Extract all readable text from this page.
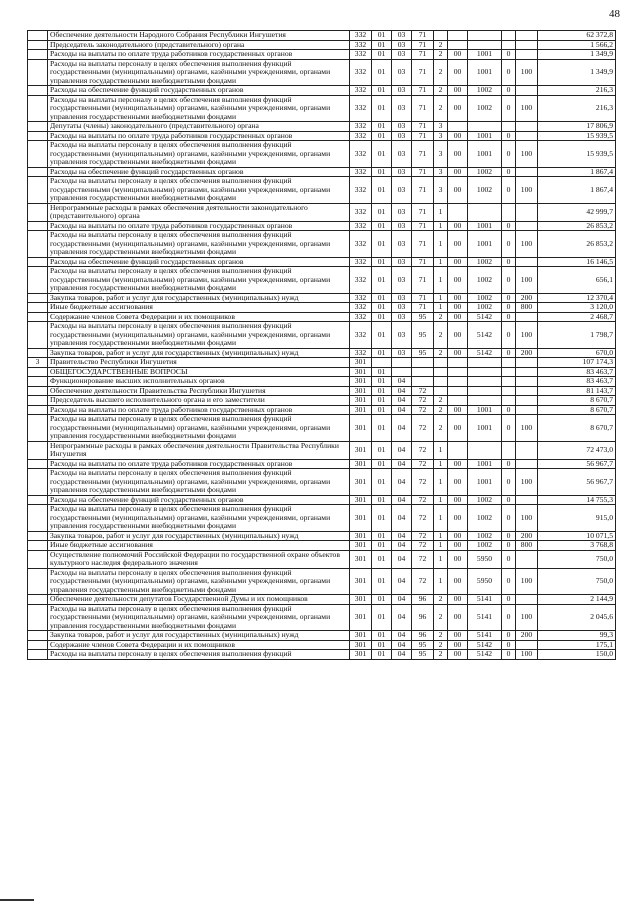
48
	Обеспечение деятельности Народного Собрания Республики Ингушетия	332	01	03	71						62 372,8
	Председатель законодательного (представительного) органа	332	01	03	71	2					1 566,2
	Расходы на выплаты по оплате труда работников государственных органов	332	01	03	71	2	00	1001	0		1 349,9
	Расходы на выплаты персоналу в целях обеспечения выполнения функций государственными (муниципальными) органами, казёнными учреждениями, органами управления государственными внебюджетными фондами	332	01	03	71	2	00	1001	0	100	1 349,9
	Расходы на обеспечение функций государственных органов	332	01	03	71	2	00	1002	0		216,3
	Расходы на выплаты персоналу в целях обеспечения выполнения функций государственными (муниципальными) органами, казёнными учреждениями, органами управления государственными внебюджетными фондами	332	01	03	71	2	00	1002	0	100	216,3
	Депутаты (члены) законодательного (представительного) органа	332	01	03	71	3					17 806,9
	Расходы на выплаты по оплате труда работников государственных органов	332	01	03	71	3	00	1001	0		15 939,5
	Расходы на выплаты персоналу в целях обеспечения выполнения функций государственными (муниципальными) органами, казёнными учреждениями, органами управления государственными внебюджетными фондами	332	01	03	71	3	00	1001	0	100	15 939,5
	Расходы на обеспечение функций государственных органов	332	01	03	71	3	00	1002	0		1 867,4
	Расходы на выплаты персоналу в целях обеспечения выполнения функций государственными (муниципальными) органами, казёнными учреждениями, органами управления государственными внебюджетными фондами	332	01	03	71	3	00	1002	0	100	1 867,4
	Непрограммные расходы в рамках обеспечения деятельности законодательного (представительного) органа	332	01	03	71	1					42 999,7
	Расходы на выплаты по оплате труда работников государственных органов	332	01	03	71	1	00	1001	0		26 853,2
	Расходы на выплаты персоналу в целях обеспечения выполнения функций государственными (муниципальными) органами, казёнными учреждениями, органами управления государственными внебюджетными фондами	332	01	03	71	1	00	1001	0	100	26 853,2
	Расходы на обеспечение функций государственных органов	332	01	03	71	1	00	1002	0		16 146,5
	Расходы на выплаты персоналу в целях обеспечения выполнения функций государственными (муниципальными) органами, казёнными учреждениями, органами управления государственными внебюджетными фондами	332	01	03	71	1	00	1002	0	100	656,1
	Закупка товаров, работ и услуг для государственных (муниципальных) нужд	332	01	03	71	1	00	1002	0	200	12 370,4
	Иные бюджетные ассигнования	332	01	03	71	1	00	1002	0	800	3 120,0
	Содержание членов Совета Федерации и их помощников	332	01	03	95	2	00	5142	0		2 468,7
	Расходы на выплаты персоналу в целях обеспечения выполнения функций государственными (муниципальными) органами, казёнными учреждениями, органами управления государственными внебюджетными фондами	332	01	03	95	2	00	5142	0	100	1 798,7
	Закупка товаров, работ и услуг для государственных (муниципальных) нужд	332	01	03	95	2	00	5142	0	200	670,0
3	Правительство Республики Ингушетия	301									107 174,3
	ОБЩЕГОСУДАРСТВЕННЫЕ ВОПРОСЫ	301	01								83 463,7
	Функционирование высших исполнительных органов	301	01	04							83 463,7
	Обеспечение деятельности Правительства Республики Ингушетия	301	01	04	72						81 143,7
	Председатель высшего исполнительного органа и его заместители	301	01	04	72	2					8 670,7
	Расходы на выплаты по оплате труда работников государственных органов	301	01	04	72	2	00	1001	0		8 670,7
	Расходы на выплаты персоналу в целях обеспечения выполнения функций государственными (муниципальными) органами, казёнными учреждениями, органами управления государственными внебюджетными фондами	301	01	04	72	2	00	1001	0	100	8 670,7
	Непрограммные расходы в рамках обеспечения деятельности Правительства Республики Ингушетия	301	01	04	72	1					72 473,0
	Расходы на выплаты по оплате труда работников государственных органов	301	01	04	72	1	00	1001	0		56 967,7
	Расходы на выплаты персоналу в целях обеспечения выполнения функций государственными (муниципальными) органами, казёнными учреждениями, органами управления государственными внебюджетными фондами	301	01	04	72	1	00	1001	0	100	56 967,7
	Расходы на обеспечение функций государственных органов	301	01	04	72	1	00	1002	0		14 755,3
	Расходы на выплаты персоналу в целях обеспечения выполнения функций государственными (муниципальными) органами, казёнными учреждениями, органами управления государственными внебюджетными фондами	301	01	04	72	1	00	1002	0	100	915,0
	Закупка товаров, работ и услуг для государственных (муниципальных) нужд	301	01	04	72	1	00	1002	0	200	10 071,5
	Иные бюджетные ассигнования	301	01	04	72	1	00	1002	0	800	3 768,8
	Осуществление полномочий Российской Федерации по государственной охране объектов культурного наследия федерального значения	301	01	04	72	1	00	5950	0		750,0
	Расходы на выплаты персоналу в целях обеспечения выполнения функций государственными (муниципальными) органами, казёнными учреждениями, органами управления государственными внебюджетными фондами	301	01	04	72	1	00	5950	0	100	750,0
	Обеспечение деятельности депутатов Государственной Думы и их помощников	301	01	04	96	2	00	5141	0		2 144,9
	Расходы на выплаты персоналу в целях обеспечения выполнения функций государственными (муниципальными) органами, казёнными учреждениями, органами управления государственными внебюджетными фондами	301	01	04	96	2	00	5141	0	100	2 045,6
	Закупка товаров, работ и услуг для государственных (муниципальных) нужд	301	01	04	96	2	00	5141	0	200	99,3
	Содержание членов Совета Федерации и их помощников	301	01	04	95	2	00	5142	0		175,1
	Расходы на выплаты персоналу в целях обеспечения выполнения функций	301	01	04	95	2	00	5142	0	100	150,0
